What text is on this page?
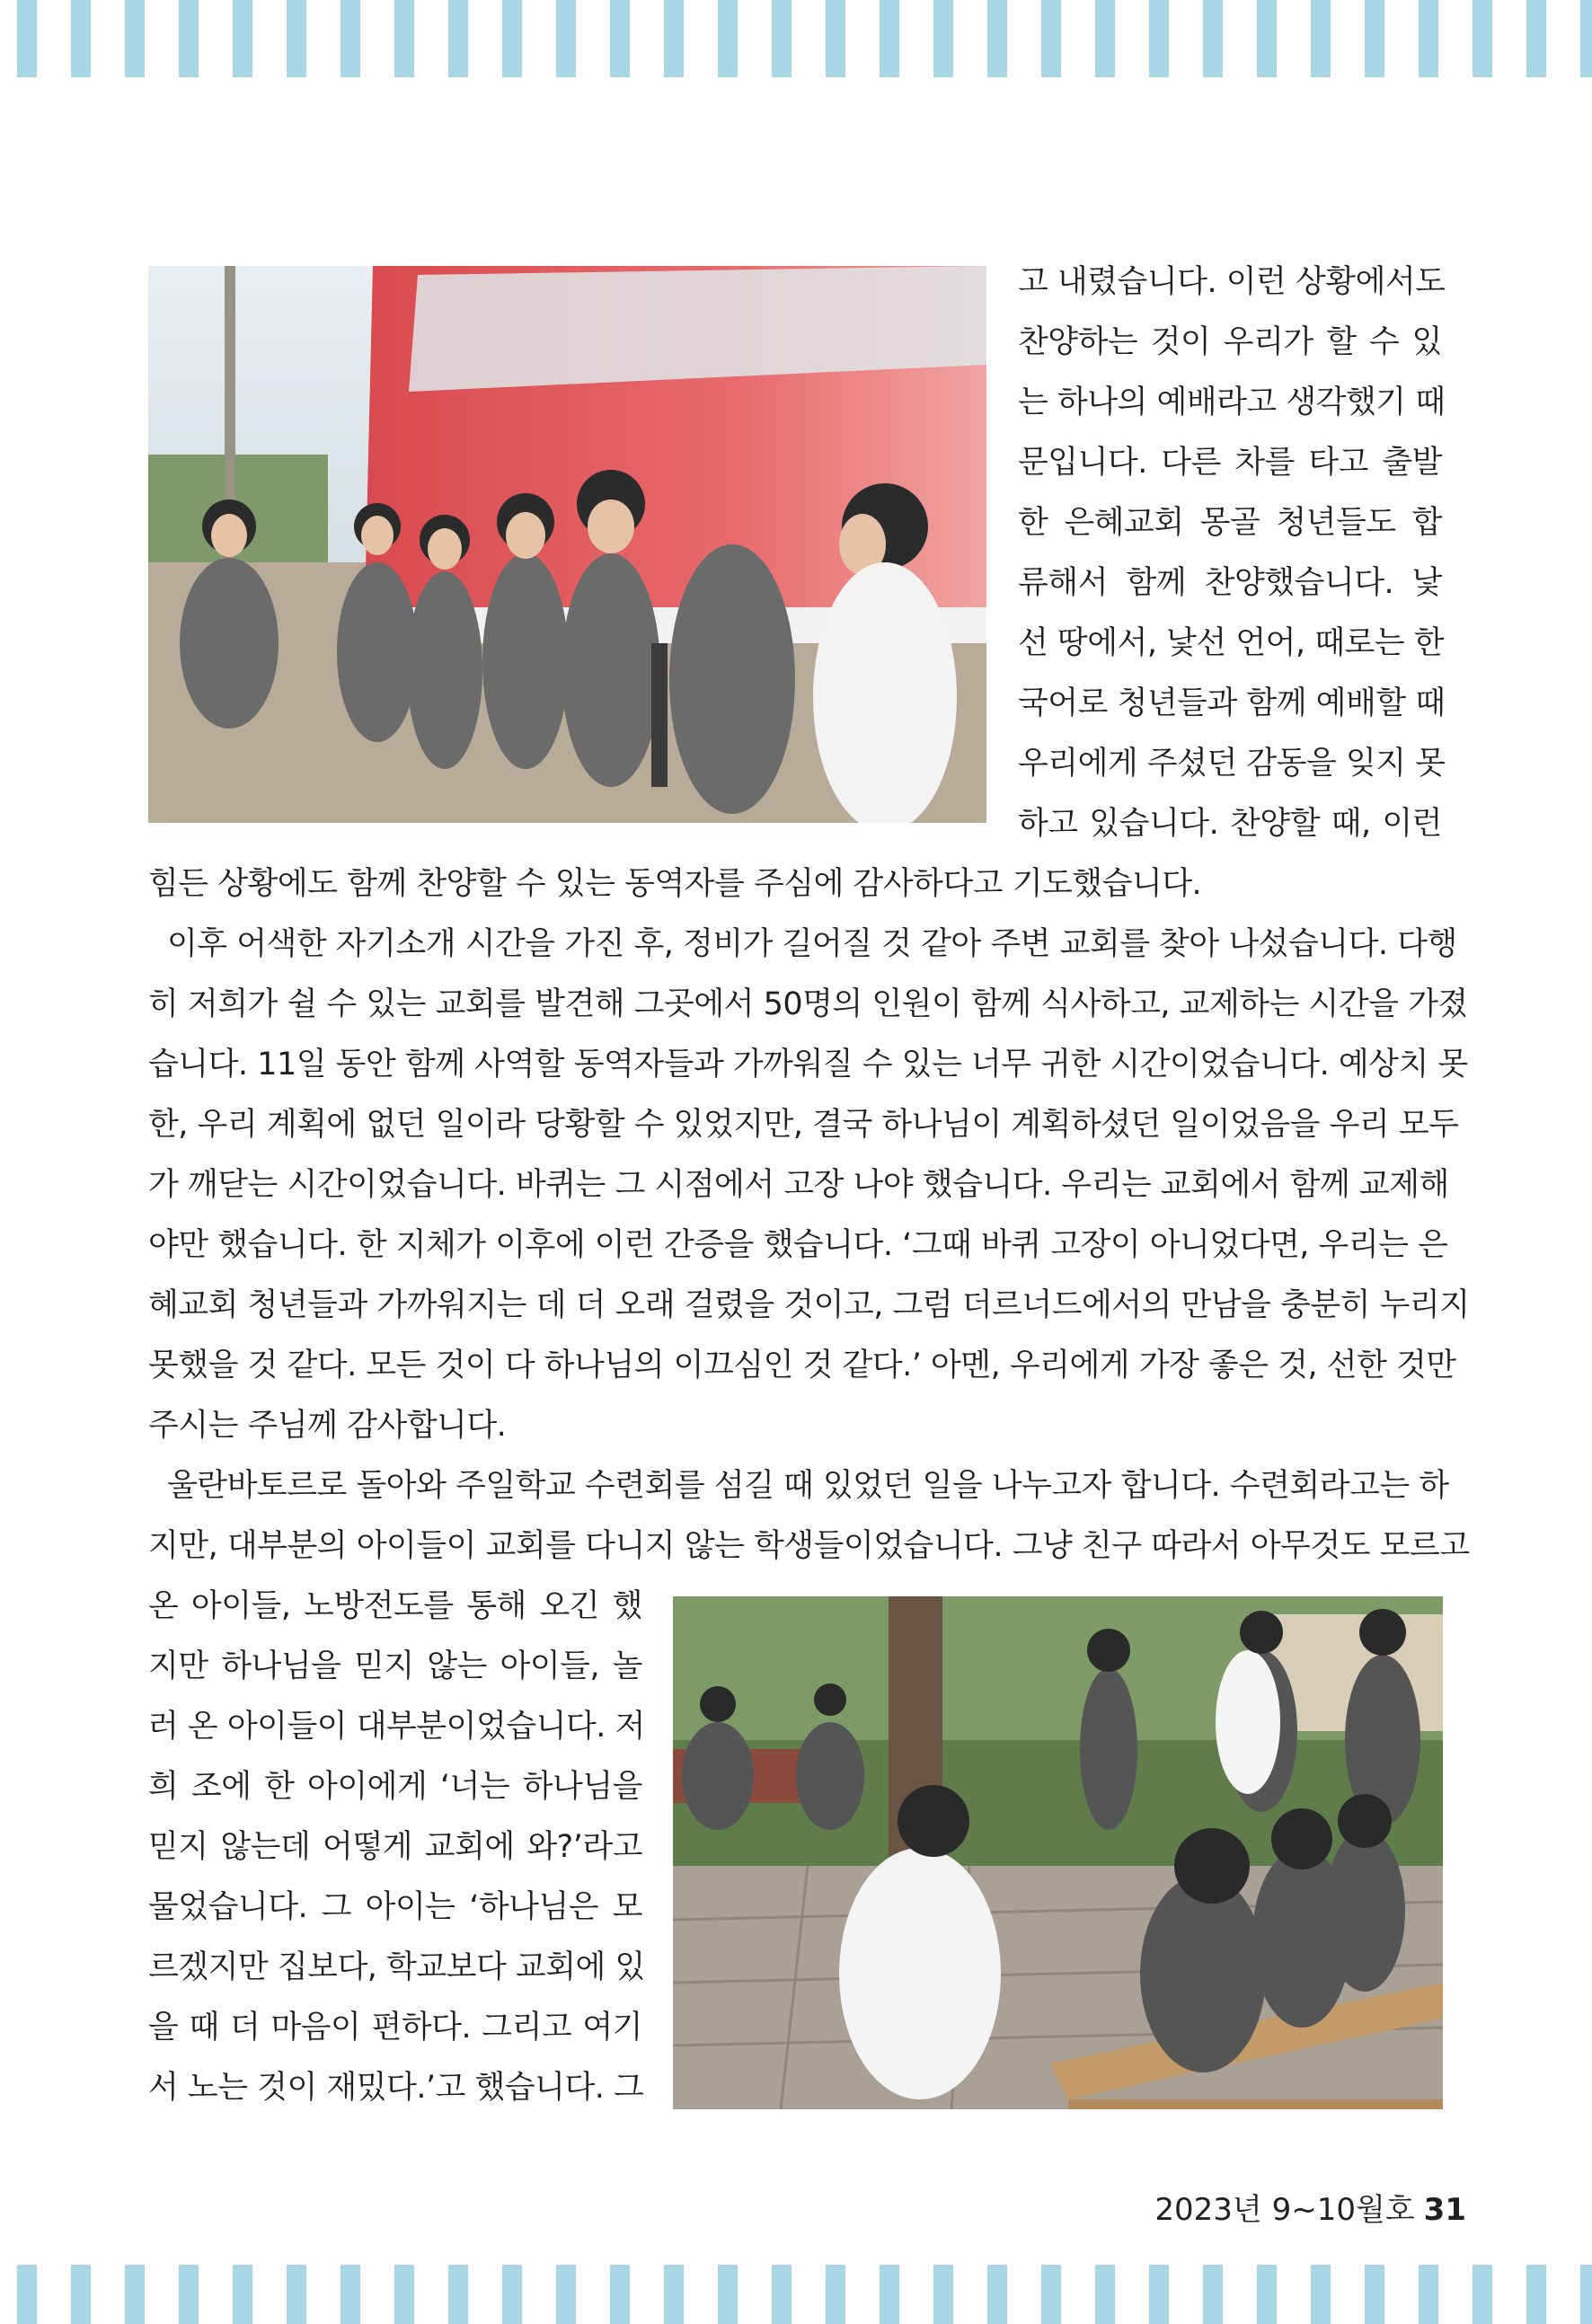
고 내렸습니다. 이런 상황에서도
찬양하는 것이 우리가 할 수 있
는 하나의 예배라고 생각했기 때
문입니다. 다른 차를 타고 출발
한 은혜교회 몽골 청년들도 합
류해서 함께 찬양했습니다. 낯
선 땅에서, 낯선 언어, 때로는 한
국어로 청년들과 함께 예배할 때
우리에게 주셨던 감동을 잊지 못
하고 있습니다. 찬양할 때, 이런
힘든 상황에도 함께 찬양할 수 있는 동역자를 주심에 감사하다고 기도했습니다.
이후 어색한 자기소개 시간을 가진 후, 정비가 길어질 것 같아 주변 교회를 찾아 나섰습니다. 다행
히 저희가 쉴 수 있는 교회를 발견해 그곳에서 50명의 인원이 함께 식사하고, 교제하는 시간을 가졌
습니다. 11일 동안 함께 사역할 동역자들과 가까워질 수 있는 너무 귀한 시간이었습니다. 예상치 못
한, 우리 계획에 없던 일이라 당황할 수 있었지만, 결국 하나님이 계획하셨던 일이었음을 우리 모두
가 깨닫는 시간이었습니다. 바퀴는 그 시점에서 고장 나야 했습니다. 우리는 교회에서 함께 교제해
야만 했습니다. 한 지체가 이후에 이런 간증을 했습니다. ‘그때 바퀴 고장이 아니었다면, 우리는 은
혜교회 청년들과 가까워지는 데 더 오래 걸렸을 것이고, 그럼 더르너드에서의 만남을 충분히 누리지
못했을 것 같다. 모든 것이 다 하나님의 이끄심인 것 같다.’ 아멘, 우리에게 가장 좋은 것, 선한 것만
주시는 주님께 감사합니다.
울란바토르로 돌아와 주일학교 수련회를 섬길 때 있었던 일을 나누고자 합니다. 수련회라고는 하
지만, 대부분의 아이들이 교회를 다니지 않는 학생들이었습니다. 그냥 친구 따라서 아무것도 모르고
온 아이들, 노방전도를 통해 오긴 했
지만 하나님을 믿지 않는 아이들, 놀
러 온 아이들이 대부분이었습니다. 저
희 조에 한 아이에게 ‘너는 하나님을
믿지 않는데 어떻게 교회에 와?’라고
물었습니다. 그 아이는 ‘하나님은 모
르겠지만 집보다, 학교보다 교회에 있
을 때 더 마음이 편하다. 그리고 여기
서 노는 것이 재밌다.’고 했습니다. 그
2023년 9~10월호 31
